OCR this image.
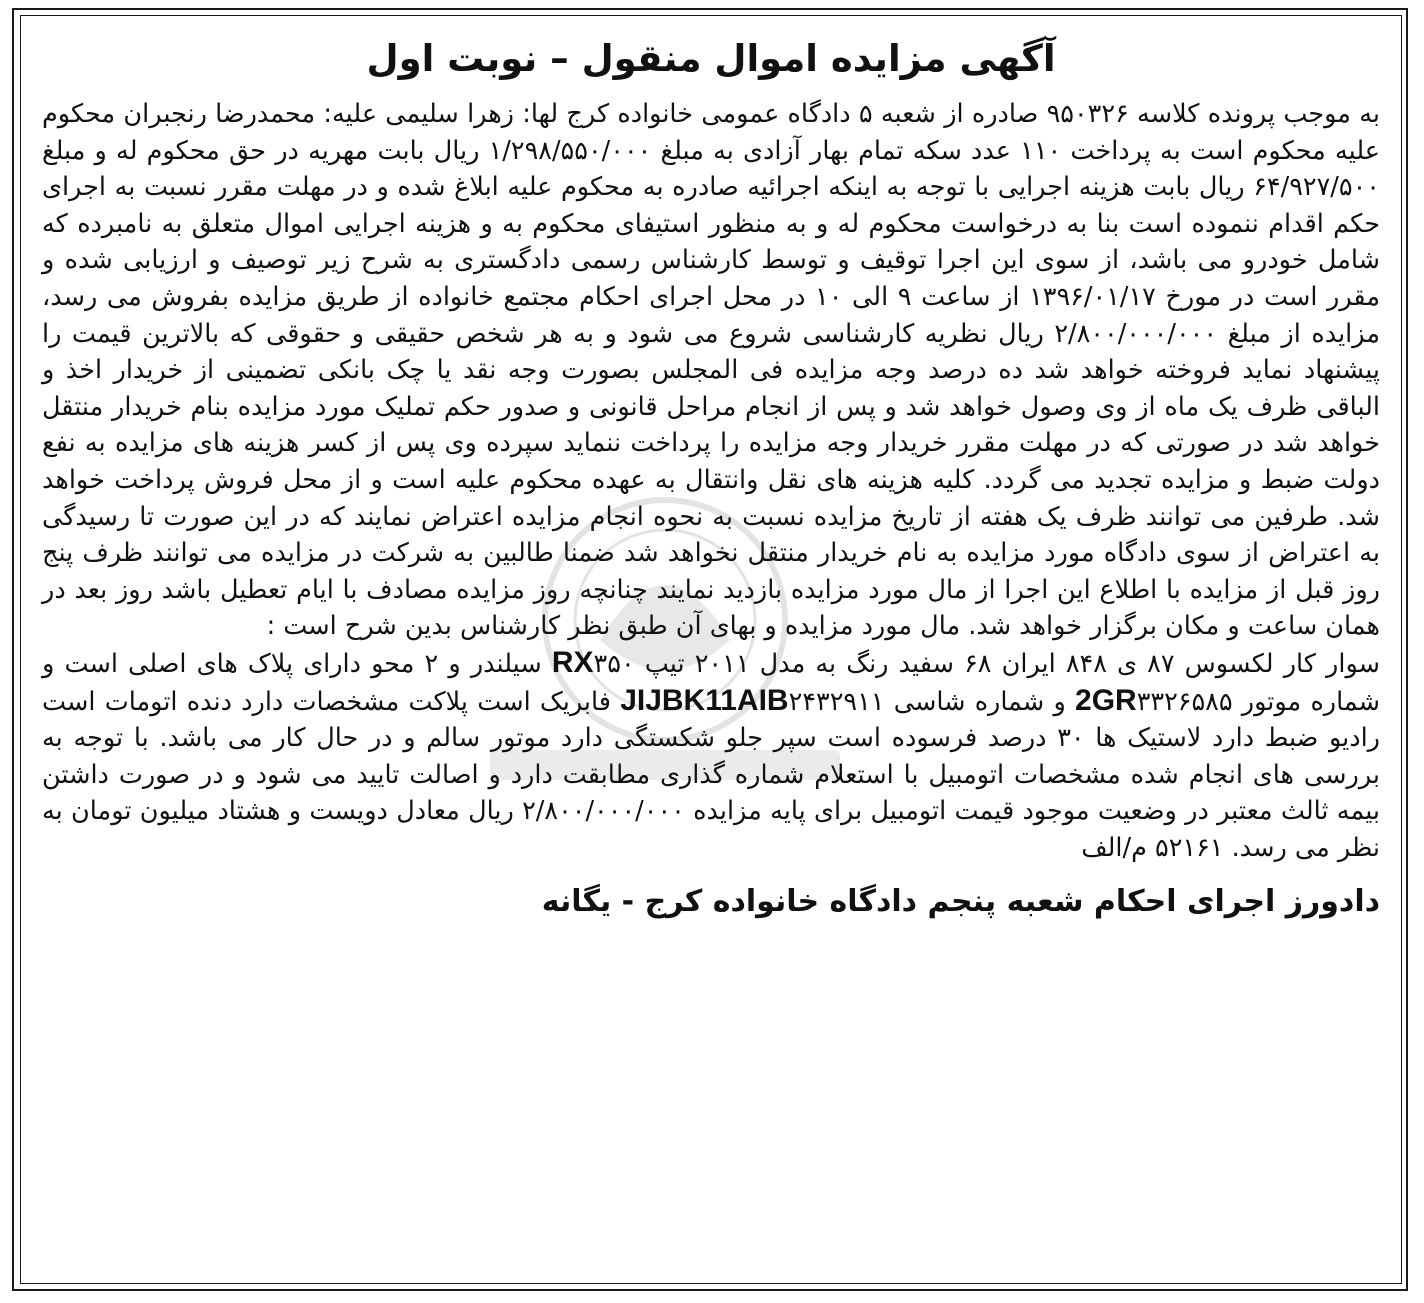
آگهی مزایده اموال منقول – نوبت اول

به موجب پرونده کلاسه ۹۵۰۳۲۶ صادره از شعبه ۵ دادگاه عمومی خانواده کرج لها: زهرا سلیمی علیه: محمدرضا رنجبران محکوم علیه محکوم است به پرداخت ۱۱۰ عدد سکه تمام بهار آزادی به مبلغ ۱/۲۹۸/۵۵۰/۰۰۰ ریال بابت مهریه در حق محکوم له و مبلغ ۶۴/۹۲۷/۵۰۰ ریال بابت هزینه اجرایی با توجه به اینکه اجرائیه صادره به محکوم علیه ابلاغ شده و در مهلت مقرر نسبت به اجرای حکم اقدام ننموده است بنا به درخواست محکوم له و به منظور استیفای محکوم به و هزینه اجرایی اموال متعلق به نامبرده که شامل خودرو می باشد، از سوی این اجرا توقیف و توسط کارشناس رسمی دادگستری به شرح زیر توصیف و ارزیابی شده و مقرر است در مورخ ۱۳۹۶/۰۱/۱۷ از ساعت ۹ الی ۱۰ در محل اجرای احکام مجتمع خانواده از طریق مزایده بفروش می رسد، مزایده از مبلغ ۲/۸۰۰/۰۰۰/۰۰۰ ریال نظریه کارشناسی شروع می شود و به هر شخص حقیقی و حقوقی که بالاترین قیمت را پیشنهاد نماید فروخته خواهد شد ده درصد وجه مزایده فی المجلس بصورت وجه نقد یا چک بانکی تضمینی از خریدار اخذ و الباقی ظرف یک ماه از وی وصول خواهد شد و پس از انجام مراحل قانونی و صدور حکم تملیک مورد مزایده بنام خریدار منتقل خواهد شد در صورتی که در مهلت مقرر خریدار وجه مزایده را پرداخت ننماید سپرده وی پس از کسر هزینه های مزایده به نفع دولت ضبط و مزایده تجدید می گردد. کلیه هزینه های نقل وانتقال به عهده محکوم علیه است و از محل فروش پرداخت خواهد شد. طرفین می توانند ظرف یک هفته از تاریخ مزایده نسبت به نحوه انجام مزایده اعتراض نمایند که در این صورت تا رسیدگی به اعتراض از سوی دادگاه مورد مزایده به نام خریدار منتقل نخواهد شد ضمنا طالبین به شرکت در مزایده می توانند ظرف پنج روز قبل از مزایده با اطلاع این اجرا از مال مورد مزایده بازدید نمایند چنانچه روز مزایده مصادف با ایام تعطیل باشد روز بعد در همان ساعت و مکان برگزار خواهد شد. مال مورد مزایده و بهای آن طبق نظر کارشناس بدین شرح است :

سوار کار لکسوس ۸۷ ی ۸۴۸ ایران ۶۸ سفید رنگ به مدل ۲۰۱۱ تیپ RX۳۵۰ سیلندر و ۲ محو دارای پلاک های اصلی است و شماره موتور 2GR۳۳۲۶۵۸۵ و شماره شاسی JIJBK11AIB۲۴۳۲۹۱۱ فابریک است پلاکت مشخصات دارد دنده اتومات است رادیو ضبط دارد لاستیک ها ۳۰ درصد فرسوده است سپر جلو شکستگی دارد موتور سالم و در حال کار می باشد. با توجه به بررسی های انجام شده مشخصات اتومبیل با استعلام شماره گذاری مطابقت دارد و اصالت تایید می شود و در صورت داشتن بیمه ثالث معتبر در وضعیت موجود قیمت اتومبیل برای پایه مزایده ۲/۸۰۰/۰۰۰/۰۰۰ ریال معادل دویست و هشتاد میلیون تومان به نظر می رسد. ۵۲۱۶۱ م/الف

دادورز اجرای احکام شعبه پنجم دادگاه خانواده کرج - یگانه
